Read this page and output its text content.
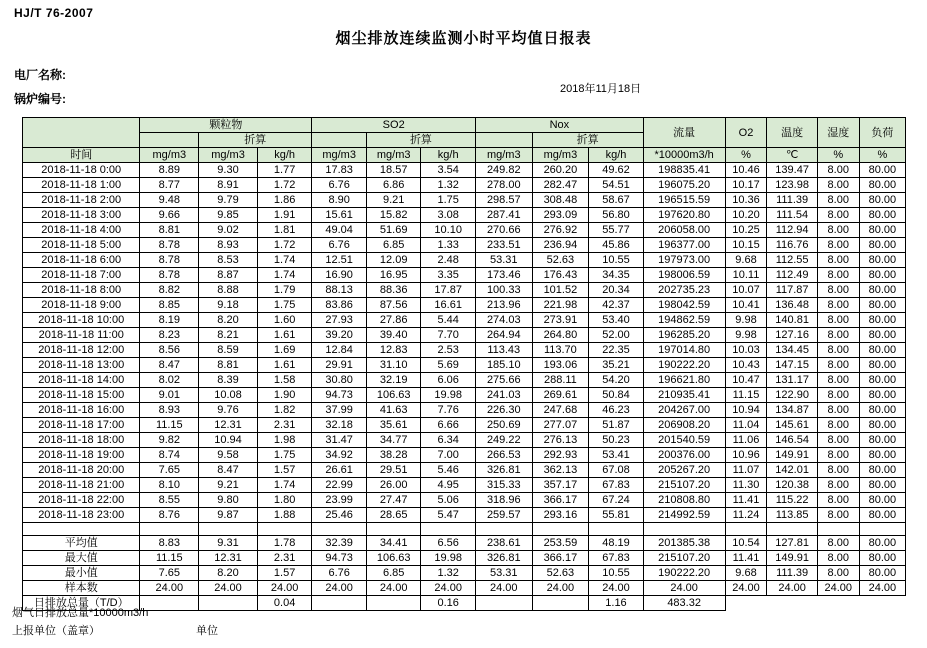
HJ/T 76-2007
烟尘排放连续监测小时平均值日报表
电厂名称:
锅炉编号:
2018年11月18日
	颗粒物			SO2			Nox			流量	O2	温度	湿度	负荷
		折算			折算			折算						
时间	mg/m3	mg/m3	kg/h	mg/m3	mg/m3	kg/h	mg/m3	mg/m3	kg/h	*10000m3/h	%	℃	%	%
2018-11-18 0:00	8.89	9.30	1.77	17.83	18.57	3.54	249.82	260.20	49.62	198835.41	10.46	139.47	8.00	80.00
2018-11-18 1:00	8.77	8.91	1.72	6.76	6.86	1.32	278.00	282.47	54.51	196075.20	10.17	123.98	8.00	80.00
2018-11-18 2:00	9.48	9.79	1.86	8.90	9.21	1.75	298.57	308.48	58.67	196515.59	10.36	111.39	8.00	80.00
2018-11-18 3:00	9.66	9.85	1.91	15.61	15.82	3.08	287.41	293.09	56.80	197620.80	10.20	111.54	8.00	80.00
2018-11-18 4:00	8.81	9.02	1.81	49.04	51.69	10.10	270.66	276.92	55.77	206058.00	10.25	112.94	8.00	80.00
2018-11-18 5:00	8.78	8.93	1.72	6.76	6.85	1.33	233.51	236.94	45.86	196377.00	10.15	116.76	8.00	80.00
2018-11-18 6:00	8.78	8.53	1.74	12.51	12.09	2.48	53.31	52.63	10.55	197973.00	9.68	112.55	8.00	80.00
2018-11-18 7:00	8.78	8.87	1.74	16.90	16.95	3.35	173.46	176.43	34.35	198006.59	10.11	112.49	8.00	80.00
2018-11-18 8:00	8.82	8.88	1.79	88.13	88.36	17.87	100.33	101.52	20.34	202735.23	10.07	117.87	8.00	80.00
2018-11-18 9:00	8.85	9.18	1.75	83.86	87.56	16.61	213.96	221.98	42.37	198042.59	10.41	136.48	8.00	80.00
2018-11-18 10:00	8.19	8.20	1.60	27.93	27.86	5.44	274.03	273.91	53.40	194862.59	9.98	140.81	8.00	80.00
2018-11-18 11:00	8.23	8.21	1.61	39.20	39.40	7.70	264.94	264.80	52.00	196285.20	9.98	127.16	8.00	80.00
2018-11-18 12:00	8.56	8.59	1.69	12.84	12.83	2.53	113.43	113.70	22.35	197014.80	10.03	134.45	8.00	80.00
2018-11-18 13:00	8.47	8.81	1.61	29.91	31.10	5.69	185.10	193.06	35.21	190222.20	10.43	147.15	8.00	80.00
2018-11-18 14:00	8.02	8.39	1.58	30.80	32.19	6.06	275.66	288.11	54.20	196621.80	10.47	131.17	8.00	80.00
2018-11-18 15:00	9.01	10.08	1.90	94.73	106.63	19.98	241.03	269.61	50.84	210935.41	11.15	122.90	8.00	80.00
2018-11-18 16:00	8.93	9.76	1.82	37.99	41.63	7.76	226.30	247.68	46.23	204267.00	10.94	134.87	8.00	80.00
2018-11-18 17:00	11.15	12.31	2.31	32.18	35.61	6.66	250.69	277.07	51.87	206908.20	11.04	145.61	8.00	80.00
2018-11-18 18:00	9.82	10.94	1.98	31.47	34.77	6.34	249.22	276.13	50.23	201540.59	11.06	146.54	8.00	80.00
2018-11-18 19:00	8.74	9.58	1.75	34.92	38.28	7.00	266.53	292.93	53.41	200376.00	10.96	149.91	8.00	80.00
2018-11-18 20:00	7.65	8.47	1.57	26.61	29.51	5.46	326.81	362.13	67.08	205267.20	11.07	142.01	8.00	80.00
2018-11-18 21:00	8.10	9.21	1.74	22.99	26.00	4.95	315.33	357.17	67.83	215107.20	11.30	120.38	8.00	80.00
2018-11-18 22:00	8.55	9.80	1.80	23.99	27.47	5.06	318.96	366.17	67.24	210808.80	11.41	115.22	8.00	80.00
2018-11-18 23:00	8.76	9.87	1.88	25.46	28.65	5.47	259.57	293.16	55.81	214992.59	11.24	113.85	8.00	80.00

平均值	8.83	9.31	1.78	32.39	34.41	6.56	238.61	253.59	48.19	201385.38	10.54	127.81	8.00	80.00
最大值	11.15	12.31	2.31	94.73	106.63	19.98	326.81	366.17	67.83	215107.20	11.41	149.91	8.00	80.00
最小值	7.65	8.20	1.57	6.76	6.85	1.32	53.31	52.63	10.55	190222.20	9.68	111.39	8.00	80.00
样本数	24.00	24.00	24.00	24.00	24.00	24.00	24.00	24.00	24.00	24.00	24.00	24.00	24.00	24.00
日排放总量（T/D）			0.04			0.16			1.16	483.32				
烟气日排放总量*10000m3/h
上报单位（盖章）	单位
